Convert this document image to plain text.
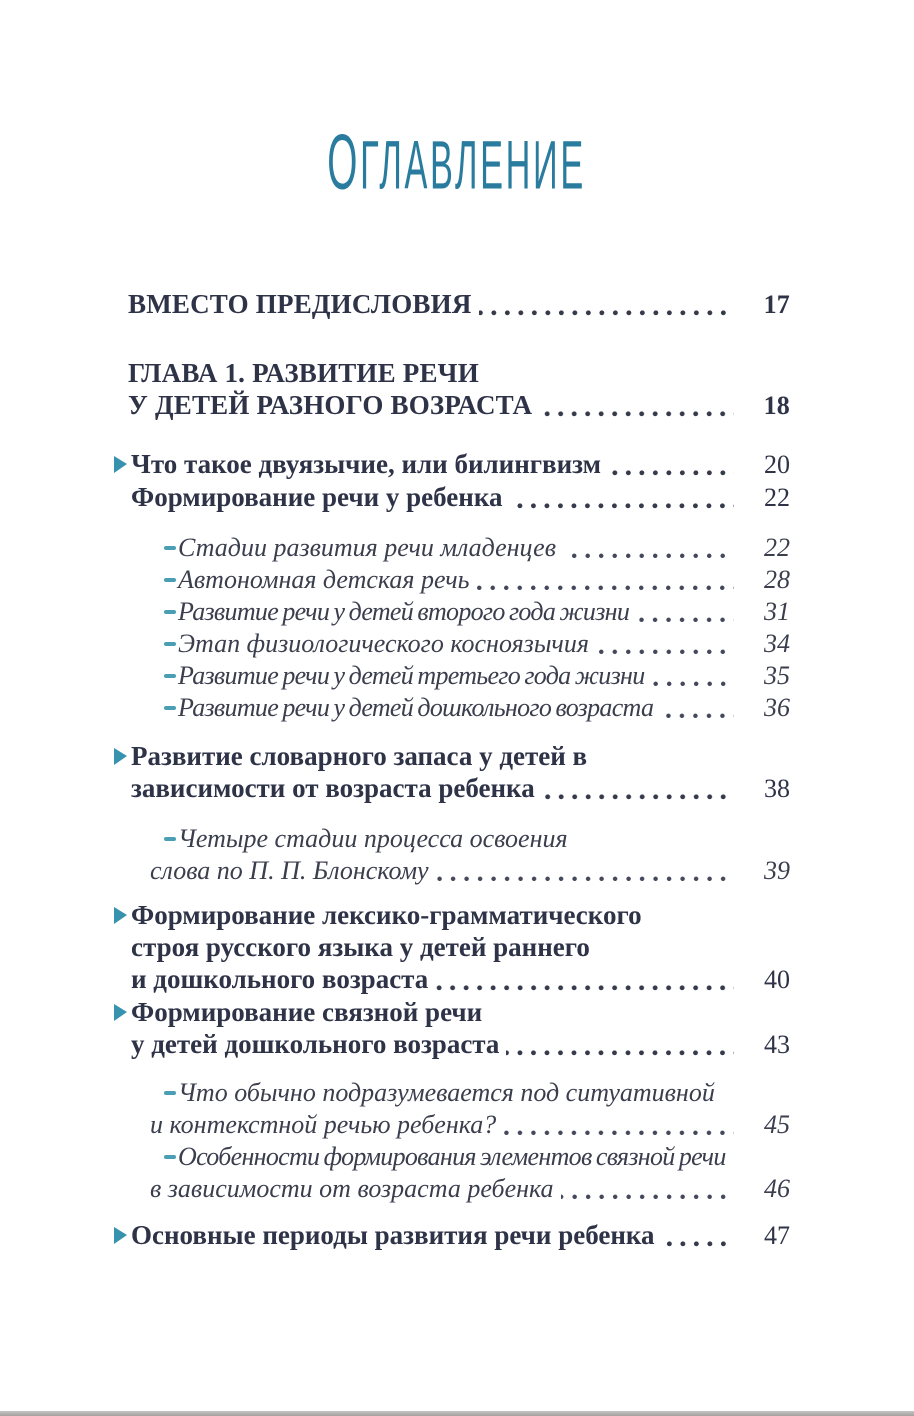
ОГЛАВЛЕНИЕ
ВМЕСТО ПРЕДИСЛОВИЯ	17
ГЛАВА 1. РАЗВИТИЕ РЕЧИ
У ДЕТЕЙ РАЗНОГО ВОЗРАСТА	18
Что такое двуязычие, или билингвизм	20
Формирование речи у ребенка	22
Стадии развития речи младенцев	22
Автономная детская речь	28
Развитие речи у детей второго года жизни	31
Этап физиологического косноязычия	34
Развитие речи у детей третьего года жизни	35
Развитие речи у детей дошкольного возраста	36
Развитие словарного запаса у детей в
зависимости от возраста ребенка	38
Четыре стадии процесса освоения
слова по П. П. Блонскому	39
Формирование лексико-грамматического
строя русского языка у детей раннего
и дошкольного возраста	40
Формирование связной речи
у детей дошкольного возраста	43
Что обычно подразумевается под ситуативной
и контекстной речью ребенка?	45
Особенности формирования элементов связной речи
в зависимости от возраста ребенка	46
Основные периоды развития речи ребенка	47
